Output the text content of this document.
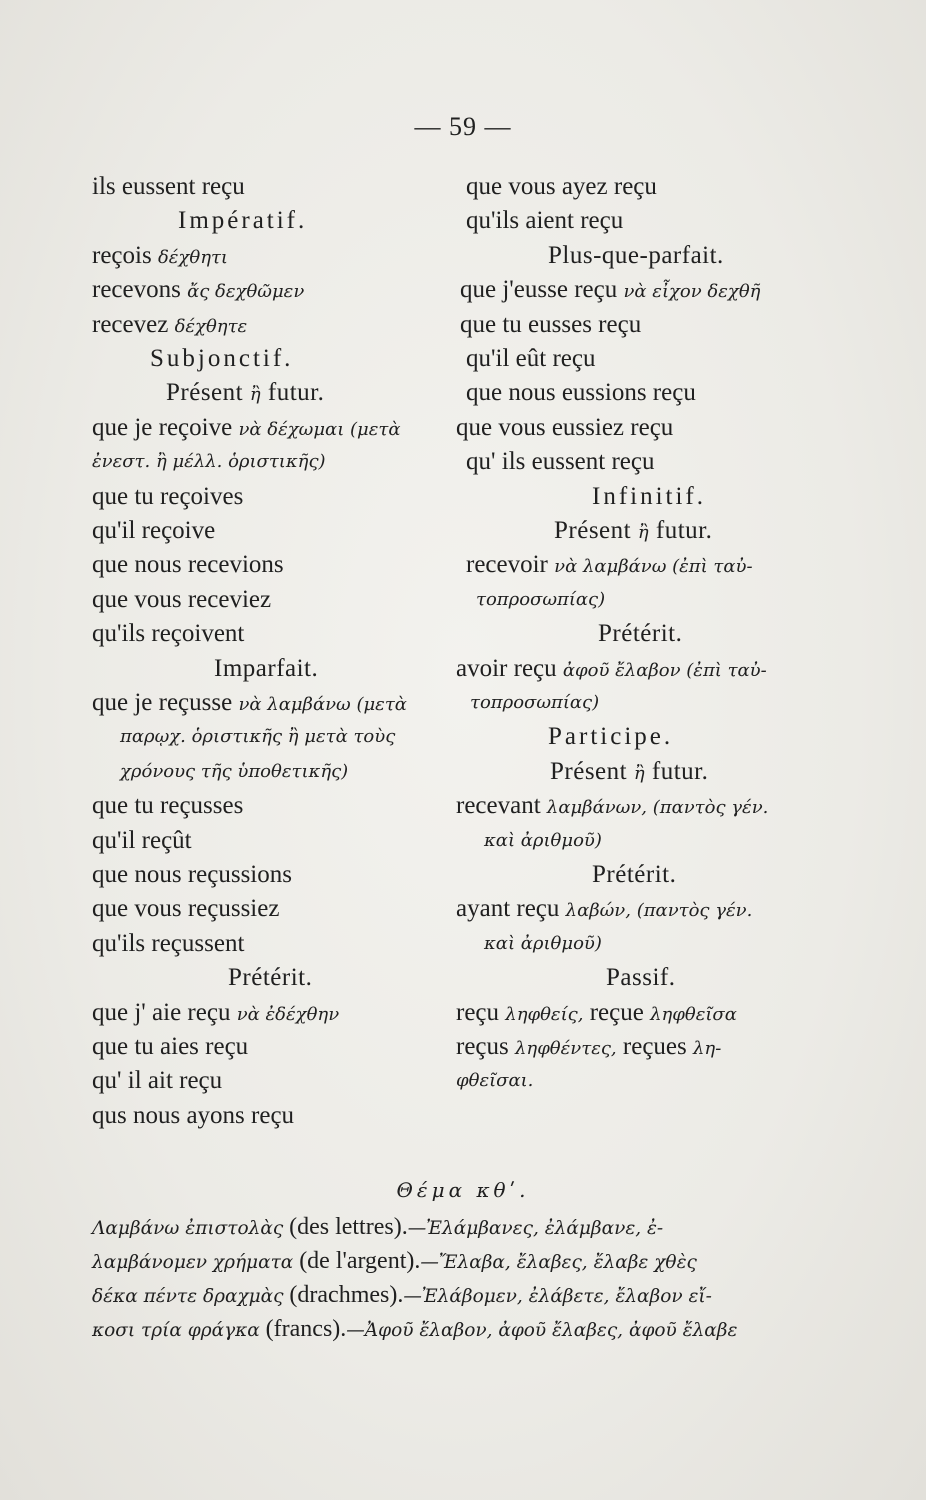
— 59 —
ils eussent reçu
Impératif.
reçois δέχθητι
recevons ἄς δεχθῶμεν
recevez δέχθητε
Subjonctif.
Présent ἢ futur.
que je reçoive νὰ δέχωμαι (μετὰ
ἐνεστ. ἢ μέλλ. ὁριστικῆς)
que tu reçoives
qu'il reçoive
que nous recevions
que vous receviez
qu'ils reçoivent
Imparfait.
que je reçusse νὰ λαμβάνω (μετὰ
παρῳχ. ὁριστικῆς ἢ μετὰ τοὺς
χρόνους τῆς ὑποθετικῆς)
que tu reçusses
qu'il reçût
que nous reçussions
que vous reçussiez
qu'ils reçussent
Prétérit.
que j' aie reçu νὰ ἐδέχθην
que tu aies reçu
qu' il ait reçu
qus nous ayons reçu
que vous ayez reçu
qu'ils aient reçu
Plus-que-parfait.
que j'eusse reçu νὰ εἶχον δεχθῆ
que tu eusses reçu
qu'il eût reçu
que nous eussions reçu
que vous eussiez reçu
qu' ils eussent reçu
Infinitif.
Présent ἢ futur.
recevoir νὰ λαμβάνω (ἐπὶ ταὐ-
τοπροσωπίας)
Prétérit.
avoir reçu ἀφοῦ ἔλαβον (ἐπὶ ταὐ-
τοπροσωπίας)
Participe.
Présent ἢ futur.
recevant λαμβάνων, (παντὸς γέν.
καὶ ἀριθμοῦ)
Prétérit.
ayant reçu λαβών, (παντὸς γέν.
καὶ ἀριθμοῦ)
Passif.
reçu ληφθείς, reçue ληφθεῖσα
reçus ληφθέντες, reçues λη-
φθεῖσαι.
Θέμα κθʹ.
Λαμβάνω ἐπιστολὰς (des lettres).—Ἐλάμβανες, ἐλάμβανε, ἐ-
λαμβάνομεν χρήματα (de l'argent).—Ἔλαβα, ἔλαβες, ἔλαβε χθὲς
δέκα πέντε δραχμὰς (drachmes).—Ἐλάβομεν, ἐλάβετε, ἔλαβον εἴ-
κοσι τρία φράγκα (francs).—Ἀφοῦ ἔλαβον, ἀφοῦ ἔλαβες, ἀφοῦ ἔλαβε
